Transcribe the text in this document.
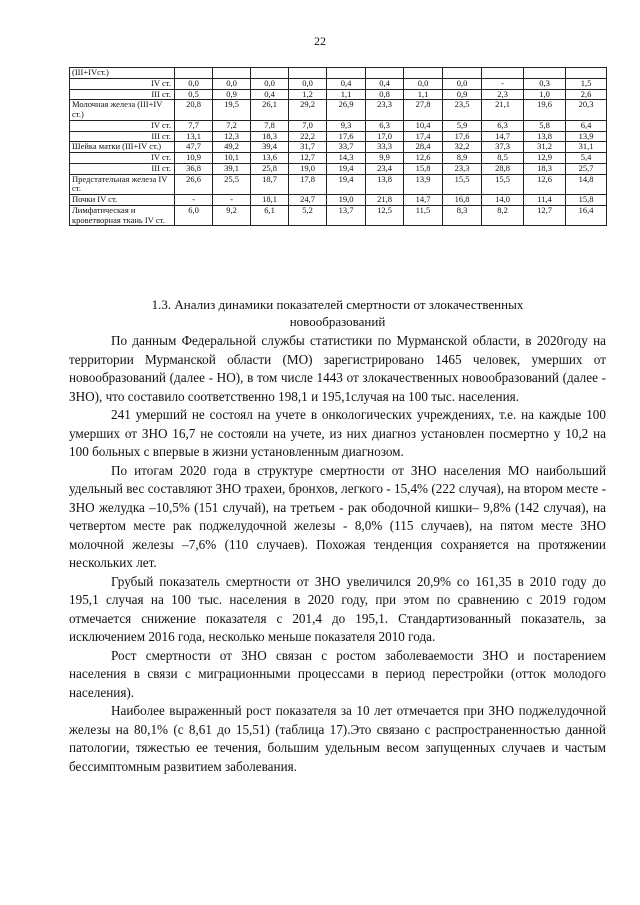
22
(III+IVст.)											
IV ст.	0,0	0,0	0,0	0,0	0,4	0,4	0,0	0,0	-	0,3	1,5
III ст.	0,5	0,9	0,4	1,2	1,1	0,8	1,1	0,9	2,3	1,0	2,6
Молочная железа (III+IV ст.)	20,8	19,5	26,1	29,2	26,9	23,3	27,8	23,5	21,1	19,6	20,3
IV ст.	7,7	7,2	7,8	7,0	9,3	6,3	10,4	5,9	6,3	5,8	6,4
III ст.	13,1	12,3	18,3	22,2	17,6	17,0	17,4	17,6	14,7	13,8	13,9
Шейка матки (III+IV ст.)	47,7	49,2	39,4	31,7	33,7	33,3	28,4	32,2	37,3	31,2	31,1
IV ст.	10,9	10,1	13,6	12,7	14,3	9,9	12,6	8,9	8,5	12,9	5,4
III ст.	36,8	39,1	25,8	19,0	19,4	23,4	15,8	23,3	28,8	18,3	25,7
Предстательная железа IV ст.	26,6	25,5	18,7	17,8	19,4	13,8	13,9	15,5	15,5	12,6	14,8
Почки IV ст.	-	-	18,1	24,7	19,0	21,8	14,7	16,8	14,0	11,4	15,8
Лимфатическая и кроветворная ткань IV ст.	6,0	9,2	6,1	5,2	13,7	12,5	11,5	8,3	8,2	12,7	16,4
1.3. Анализ динамики показателей смертности от злокачественных
новообразований

По данным Федеральной службы статистики по Мурманской области, в 2020году на территории Мурманской области (МО) зарегистрировано 1465 человек, умерших от новообразований (далее - НО), в том числе 1443 от злокачественных новообразований (далее - ЗНО), что составило соответственно 198,1 и 195,1случая на 100 тыс. населения.

241 умерший не состоял на учете в онкологических учреждениях, т.е. на каждые 100 умерших от ЗНО 16,7 не состояли на учете, из них диагноз установлен посмертно у 10,2 на 100 больных с впервые в жизни установленным диагнозом.

По итогам 2020 года в структуре смертности от ЗНО населения МО наибольший удельный вес составляют ЗНО трахеи, бронхов, легкого - 15,4% (222 случая), на втором месте - ЗНО желудка –10,5% (151 случай), на третьем - рак ободочной кишки– 9,8% (142 случая), на четвертом месте рак поджелудочной железы - 8,0% (115 случаев), на пятом месте ЗНО молочной железы –7,6% (110 случаев). Похожая тенденция сохраняется на протяжении нескольких лет.

Грубый показатель смертности от ЗНО увеличился 20,9% со 161,35 в 2010 году до 195,1 случая на 100 тыс. населения в 2020 году, при этом по сравнению с 2019 годом отмечается снижение показателя с 201,4 до 195,1. Стандартизованный показатель, за исключением 2016 года, несколько меньше показателя 2010 года.

Рост смертности от ЗНО связан с ростом заболеваемости ЗНО и постарением населения в связи с миграционными процессами в период перестройки (отток молодого населения).

Наиболее выраженный рост показателя за 10 лет отмечается при ЗНО поджелудочной железы на 80,1% (с 8,61 до 15,51) (таблица 17).Это связано с распространенностью данной патологии, тяжестью ее течения, большим удельным весом запущенных случаев и частым бессимптомным развитием заболевания.
